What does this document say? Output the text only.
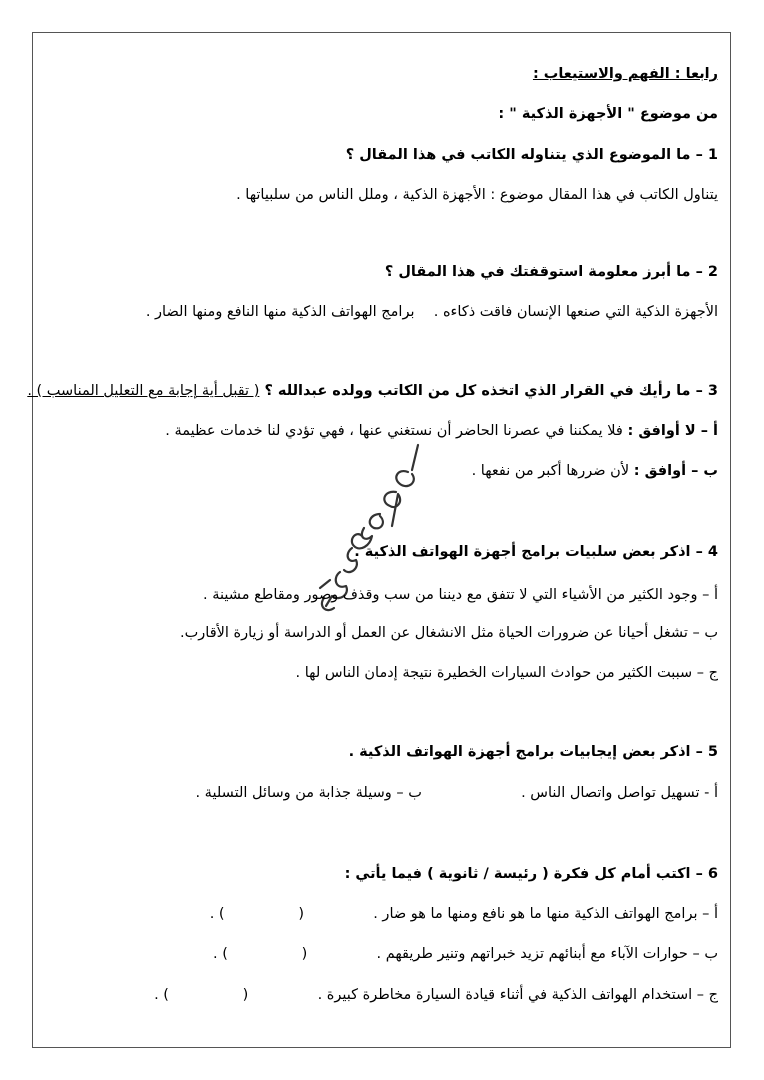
رابعا : الفهم والاستيعاب :
من موضوع " الأجهزة الذكية " :
1 – ما الموضوع الذي يتناوله الكاتب في هذا المقال ؟
يتناول الكاتب في هذا المقال موضوع : الأجهزة الذكية ، وملل الناس من سلبياتها .
2 – ما أبرز معلومة استوقفتك في هذا المقال ؟
الأجهزة الذكية التي صنعها الإنسان فاقت ذكاءه .  برامج الهواتف الذكية منها النافع ومنها الضار .
3 – ما رأيك في القرار الذي اتخذه كل من الكاتب وولده عبدالله ؟ ( تقبل أية إجابة مع التعليل المناسب ) .
أ – لا أوافق : فلا يمكننا في عصرنا الحاضر أن نستغني عنها ، فهي تؤدي لنا خدمات عظيمة .
ب – أوافق : لأن ضررها أكبر من نفعها .
4 – اذكر بعض سلبيات برامج أجهزة الهواتف الذكية .
أ – وجود الكثير من الأشياء التي لا تتفق مع ديننا من سب وقذف وصور ومقاطع مشينة .
ب – تشغل أحيانا عن ضرورات الحياة مثل الانشغال عن العمل أو الدراسة أو زيارة الأقارب.
ج – سببت الكثير من حوادث السيارات الخطيرة نتيجة إدمان الناس لها .
5 – اذكر بعض إيجابيات برامج أجهزة الهواتف الذكية .
أ - تسهيل تواصل واتصال الناس .  ب – وسيلة جذابة من وسائل التسلية .
6 – اكتب أمام كل فكرة ( رئيسة / ثانوية ) فيما يأتي :
أ – برامج الهواتف الذكية منها ما هو نافع ومنها ما هو ضار .  (                ) .
ب – حوارات الآباء مع أبنائهم تزيد خبراتهم وتنير طريقهم .  (                ) .
ج – استخدام الهواتف الذكية في أثناء قيادة السيارة مخاطرة كبيرة .  (                ) .
